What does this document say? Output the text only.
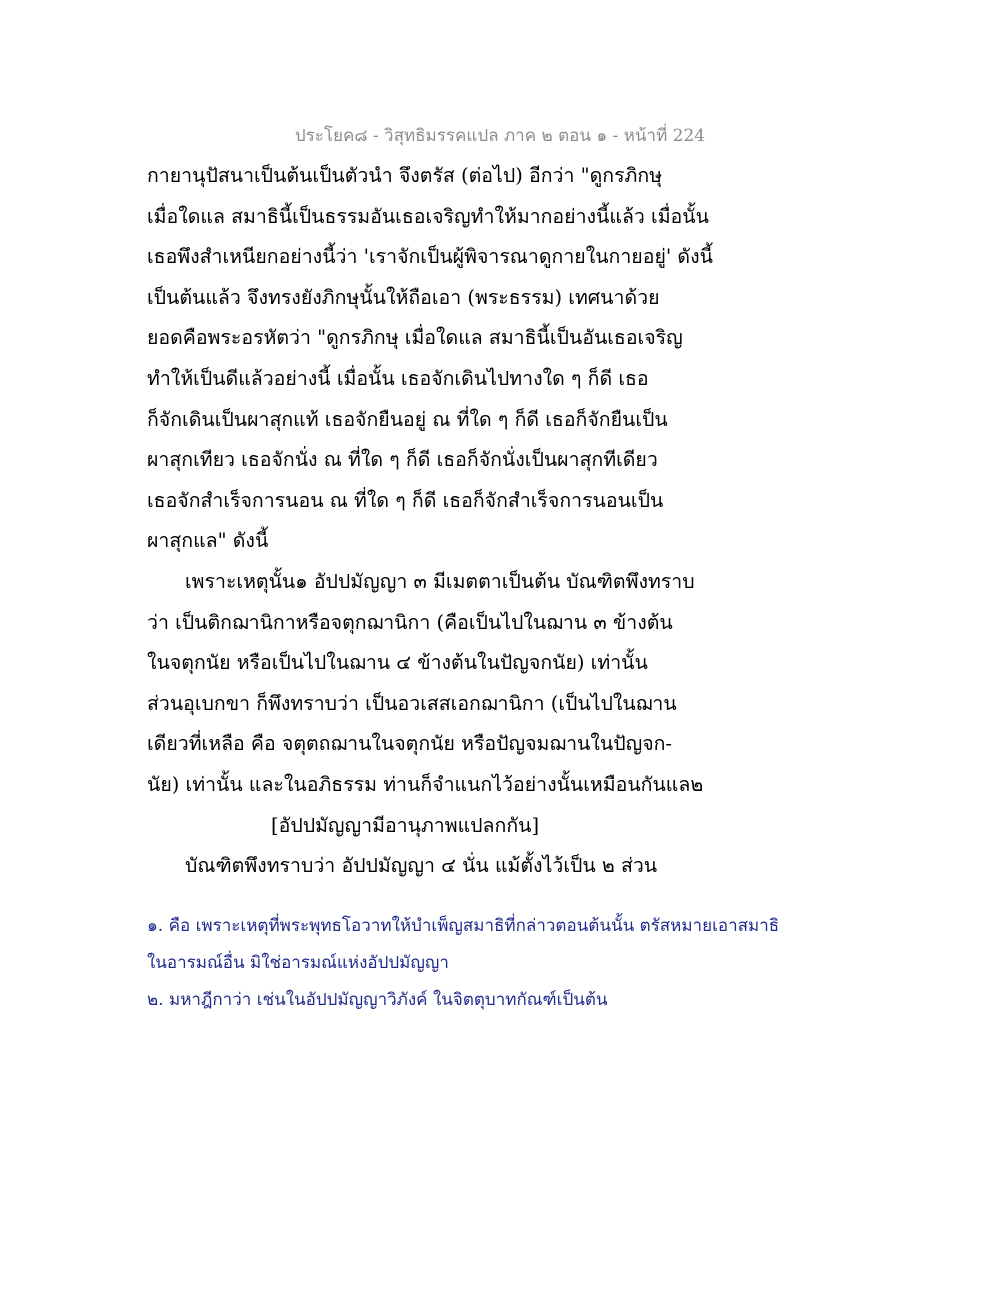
ประโยค๘ - วิสุทธิมรรคแปล ภาค ๒ ตอน ๑ - หน้าที่ 224
กายานุปัสนาเป็นต้นเป็นตัวนำ จึงตรัส (ต่อไป) อีกว่า "ดูกรภิกษุ
เมื่อใดแล สมาธินี้เป็นธรรมอันเธอเจริญทำให้มากอย่างนี้แล้ว เมื่อนั้น
เธอพึงสำเหนียกอย่างนี้ว่า 'เราจักเป็นผู้พิจารณาดูกายในกายอยู่' ดังนี้
เป็นต้นแล้ว จึงทรงยังภิกษุนั้นให้ถือเอา (พระธรรม) เทศนาด้วย
ยอดคือพระอรหัตว่า "ดูกรภิกษุ เมื่อใดแล สมาธินี้เป็นอันเธอเจริญ
ทำให้เป็นดีแล้วอย่างนี้ เมื่อนั้น เธอจักเดินไปทางใด ๆ ก็ดี เธอ
ก็จักเดินเป็นผาสุกแท้ เธอจักยืนอยู่ ณ ที่ใด ๆ ก็ดี เธอก็จักยืนเป็น
ผาสุกเทียว เธอจักนั่ง ณ ที่ใด ๆ ก็ดี เธอก็จักนั่งเป็นผาสุกทีเดียว
เธอจักสำเร็จการนอน ณ ที่ใด ๆ ก็ดี เธอก็จักสำเร็จการนอนเป็น
ผาสุกแล" ดังนี้
เพราะเหตุนั้น๑ อัปปมัญญา ๓ มีเมตตาเป็นต้น บัณฑิตพึงทราบ
ว่า เป็นติกฌานิกาหรือจตุกฌานิกา (คือเป็นไปในฌาน ๓ ข้างต้น
ในจตุกนัย หรือเป็นไปในฌาน ๔ ข้างต้นในปัญจกนัย) เท่านั้น
ส่วนอุเบกขา ก็พึงทราบว่า เป็นอวเสสเอกฌานิกา (เป็นไปในฌาน
เดียวที่เหลือ คือ จตุตถฌานในจตุกนัย หรือปัญจมฌานในปัญจก-
นัย) เท่านั้น และในอภิธรรม ท่านก็จำแนกไว้อย่างนั้นเหมือนกันแล๒
[อัปปมัญญามีอานุภาพแปลกกัน]
บัณฑิตพึงทราบว่า อัปปมัญญา ๔ นั่น แม้ตั้งไว้เป็น ๒ ส่วน
๑. คือ เพราะเหตุที่พระพุทธโอวาทให้บำเพ็ญสมาธิที่กล่าวตอนต้นนั้น ตรัสหมายเอาสมาธิ
ในอารมณ์อื่น มิใช่อารมณ์แห่งอัปปมัญญา
๒. มหาฎีกาว่า เช่นในอัปปมัญญาวิภังค์ ในจิตตุบาทกัณฑ์เป็นต้น
